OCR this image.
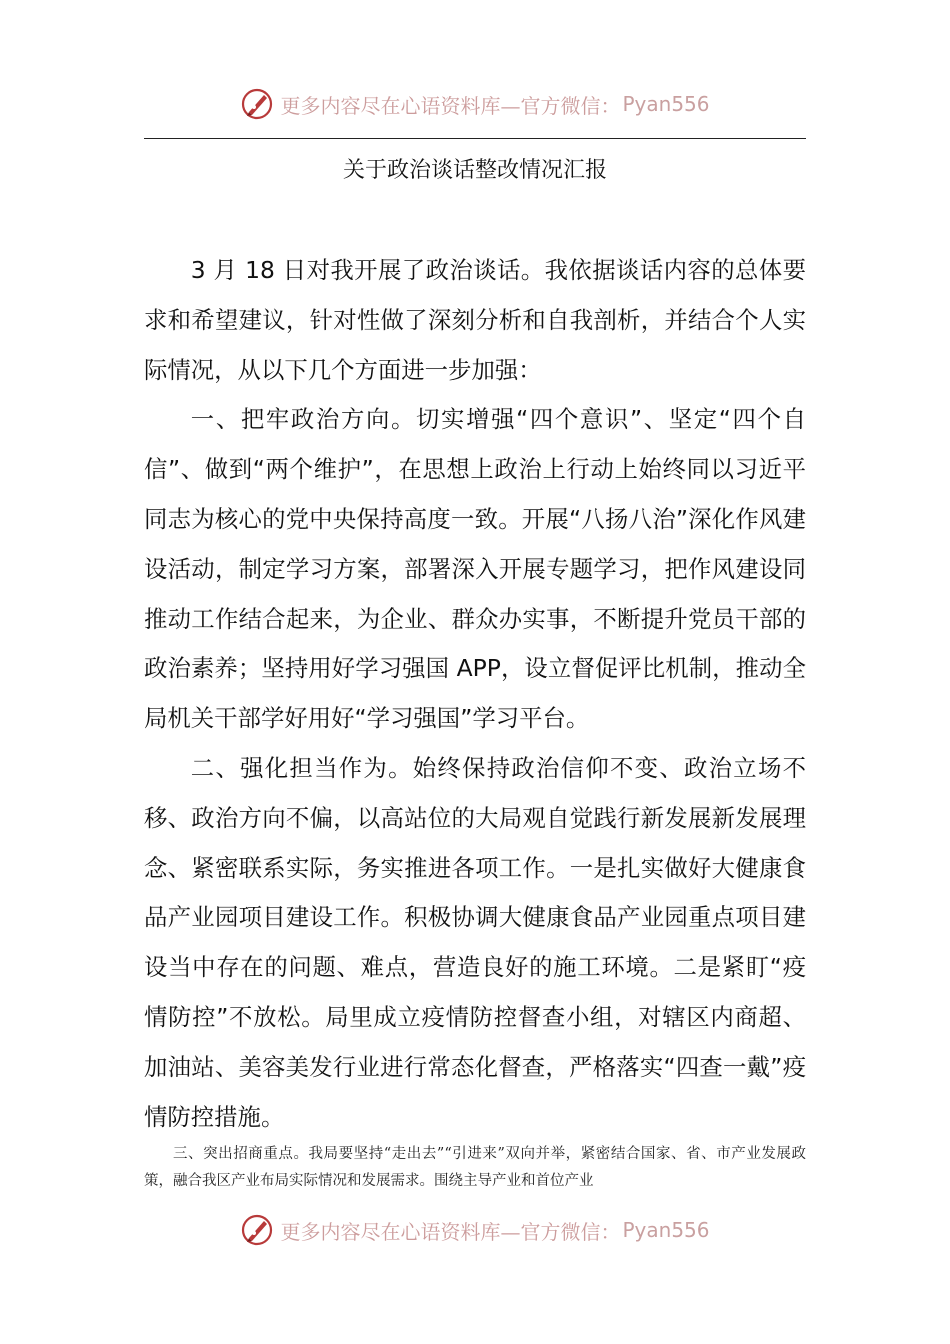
更多内容尽在心语资料库—官方微信： Pyan556
关于政治谈话整改情况汇报

3 月 18 日对我开展了政治谈话。我依据谈话内容的总体要求和希望建议，针对性做了深刻分析和自我剖析，并结合个人实际情况，从以下几个方面进一步加强：

一、把牢政治方向。切实增强“四个意识”、坚定“四个自信”、做到“两个维护”，在思想上政治上行动上始终同以习近平同志为核心的党中央保持高度一致。开展“八扬八治”深化作风建设活动，制定学习方案，部署深入开展专题学习，把作风建设同推动工作结合起来，为企业、群众办实事，不断提升党员干部的政治素养；坚持用好学习强国 APP，设立督促评比机制，推动全局机关干部学好用好“学习强国”学习平台。

二、强化担当作为。始终保持政治信仰不变、政治立场不移、政治方向不偏，以高站位的大局观自觉践行新发展新发展理念、紧密联系实际，务实推进各项工作。一是扎实做好大健康食品产业园项目建设工作。积极协调大健康食品产业园重点项目建设当中存在的问题、难点，营造良好的施工环境。二是紧盯“疫情防控”不放松。局里成立疫情防控督查小组，对辖区内商超、加油站、美容美发行业进行常态化督查，严格落实“四查一戴”疫情防控措施。

三、突出招商重点。我局要坚持“走出去”“引进来”双向并举，紧密结合国家、省、市产业发展政策，融合我区产业布局实际情况和发展需求。围绕主导产业和首位产业

更多内容尽在心语资料库—官方微信： Pyan556
